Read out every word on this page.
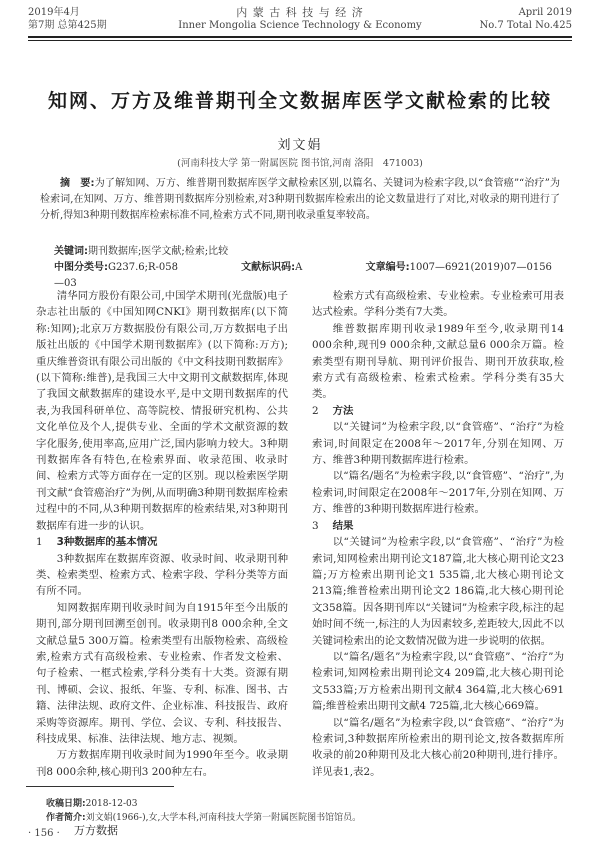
2019年4月
第7期 总第425期
内 蒙 古 科 技 与 经 济
Inner Mongolia Science Technology & Economy
April 2019
No.7 Total No.425
知网、万方及维普期刊全文数据库医学文献检索的比较
刘文娟
(河南科技大学 第一附属医院 图书馆,河南 洛阳　471003)
摘　要:为了解知网、万方、维普期刊数据库医学文献检索区别,以篇名、关键词为检索字段,以“食管癌”“治疗”为检索词,在知网、万方、维普期刊数据库分别检索,对3种期刊数据库检索出的论文数量进行了对比,对收录的期刊进行了分析,得知3种期刊数据库检索标准不同,检索方式不同,期刊收录重复率较高。
关键词:期刊数据库;医学文献;检索;比较
中图分类号:G237.6;R-058	文献标识码:A	文章编号:1007—6921(2019)07—0156—03

清华同方股份有限公司,中国学术期刊(光盘版)电子杂志社出版的《中国知网CNKI》期刊数据库(以下简称:知网);北京万方数据股份有限公司,万方数据电子出版社出版的《中国学术期刊数据库》(以下简称:万方);重庆维普资讯有限公司出版的《中文科技期刊数据库》(以下简称:维普),是我国三大中文期刊文献数据库,体现了我国文献数据库的建设水平,是中文期刊数据库的代表,为我国科研单位、高等院校、情报研究机构、公共文化单位及个人,提供专业、全面的学术文献资源的数字化服务,使用率高,应用广泛,国内影响力较大。3种期刊数据库各有特色,在检索界面、收录范围、收录时间、检索方式等方面存在一定的区别。现以检索医学期刊文献“食管癌治疗”为例,从而明确3种期刊数据库检索过程中的不同,从3种期刊数据库的检索结果,对3种期刊数据库有进一步的认识。

1 3种数据库的基本情况

3种数据库在数据库资源、收录时间、收录期刊种类、检索类型、检索方式、检索字段、学科分类等方面有所不同。

知网数据库期刊收录时间为自1915年至今出版的期刊,部分期刊回溯至创刊。收录期刊8 000余种,全文文献总量5 300万篇。检索类型有出版物检索、高级检索,检索方式有高级检索、专业检索、作者发文检索、句子检索、一框式检索,学科分类有十大类。资源有期刊、博硕、会议、报纸、年鉴、专利、标准、图书、古籍、法律法规、政府文件、企业标准、科技报告、政府采购等资源库。期刊、学位、会议、专利、科技报告、科技成果、标准、法律法规、地方志、视频。

万方数据库期刊收录时间为1990年至今。收录期刊8 000余种,核心期刊3 200种左右。

检索方式有高级检索、专业检索。专业检索可用表达式检索。学科分类有7大类。

维普数据库期刊收录1989年至今,收录期刊14 000余种,现刊9 000余种,文献总量6 000余万篇。检索类型有期刊导航、期刊评价报告、期刊开放获取,检索方式有高级检索、检索式检索。学科分类有35大类。

2 方法

以“关键词”为检索字段,以“食管癌”、“治疗”为检索词,时间限定在2008年～2017年,分别在知网、万方、维普3种期刊数据库进行检索。

以“篇名/题名”为检索字段,以“食管癌”、“治疗”,为检索词,时间限定在2008年～2017年,分别在知网、万方、维普的3种期刊数据库进行检索。

3 结果

以“关键词”为检索字段,以“食管癌”、“治疗”为检索词,知网检索出期刊论文187篇,北大核心期刊论文23篇;万方检索出期刊论文1 535篇,北大核心期刊论文213篇;维普检索出期刊论文2 186篇,北大核心期刊论文358篇。因各期刊库以“关键词”为检索字段,标注的起始时间不统一,标注的人为因素较多,差距较大,因此不以关键词检索出的论文数情况做为进一步说明的依据。

以“篇名/题名”为检索字段,以“食管癌”、“治疗”为检索词,知网检索出期刊论文4 209篇,北大核心期刊论文533篇;万方检索出期刊文献4 364篇,北大核心691篇;维普检索出期刊文献4 725篇,北大核心669篇。

以“篇名/题名”为检索字段,以“食管癌”、“治疗”为检索词,3种数据库所检索出的期刊论文,按各数据库所收录的前20种期刊及北大核心前20种期刊,进行排序。详见表1,表2。

收稿日期:2018-12-03
作者简介:刘文娟(1966-),女,大学本科,河南科技大学第一附属医院图书馆馆员。
· 156 · 万方数据
